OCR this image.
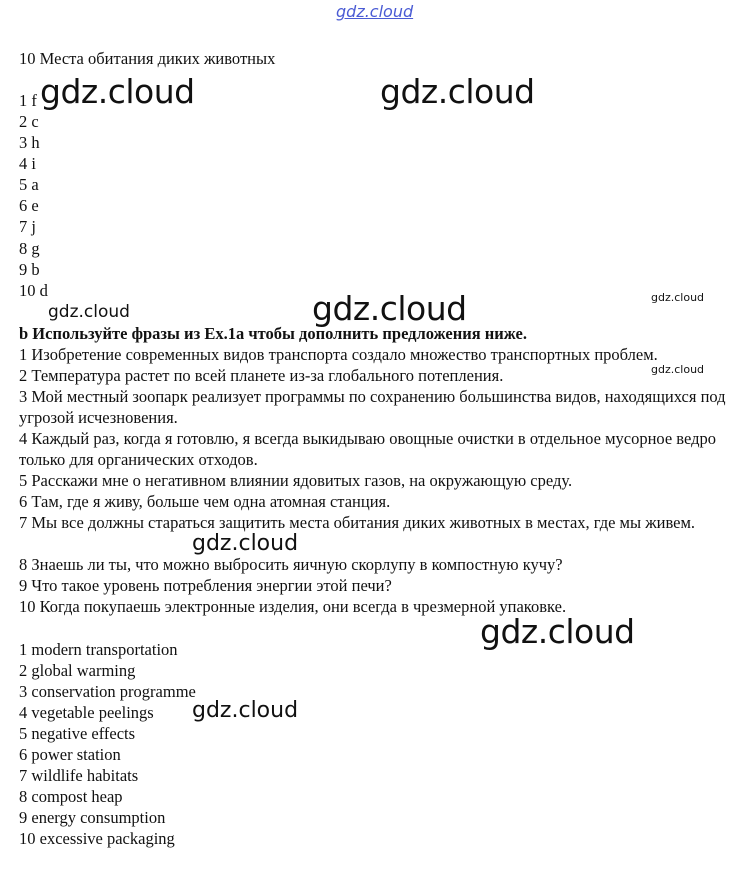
gdz.cloud
10 Места обитания диких животных
1 f
2 c
3 h
4 i
5 a
6 e
7 j
8 g
9 b
10 d
b Используйте фразы из Ex.1a чтобы дополнить предложения ниже.
1 Изобретение современных видов транспорта создало множество транспортных проблем.
2 Температура растет по всей планете из-за глобального потепления.
3 Мой местный зоопарк реализует программы по сохранению большинства видов, находящихся под угрозой исчезновения.
4 Каждый раз, когда я готовлю, я всегда выкидываю овощные очистки в отдельное мусорное ведро только для органических отходов.
5 Расскажи мне о негативном влиянии ядовитых газов, на окружающую среду.
6 Там, где я живу, больше чем одна атомная станция.
7 Мы все должны стараться защитить места обитания диких животных в местах, где мы живем.
8 Знаешь ли ты, что можно выбросить яичную скорлупу в компостную кучу?
9 Что такое уровень потребления энергии этой печи?
10 Когда покупаешь электронные изделия, они всегда в чрезмерной упаковке.
1 modern transportation
2 global warming
3 conservation programme
4 vegetable peelings
5 negative effects
6 power station
7 wildlife habitats
8 compost heap
9 energy consumption
10 excessive packaging
gdz.cloud	gdz.cloud
gdz.cloud
gdz.cloud
gdz.cloud
gdz.cloud
gdz.cloud
gdz.cloud
gdz.cloud
